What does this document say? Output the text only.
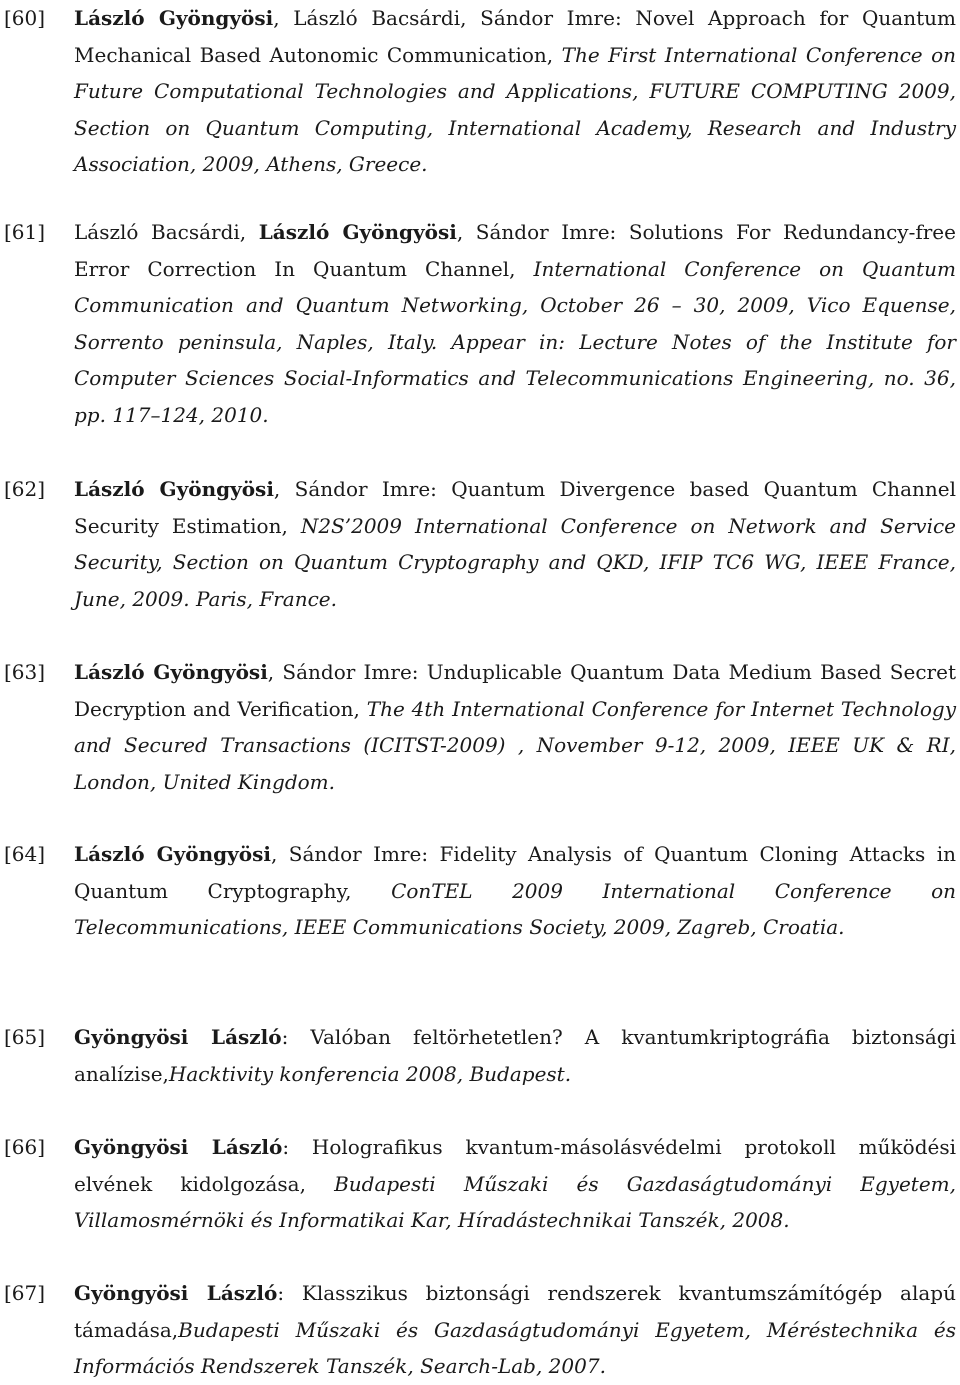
[60]	László Gyöngyösi, László Bacsárdi, Sándor Imre: Novel Approach for Quantum Mechanical Based Autonomic Communication, The First International Conference on Future Computational Technologies and Applications, FUTURE COMPUTING 2009, Section on Quantum Computing, International Academy, Research and Industry Association, 2009, Athens, Greece.
[61]	László Bacsárdi, László Gyöngyösi, Sándor Imre: Solutions For Redundancy-free Error Correction In Quantum Channel, International Conference on Quantum Communication and Quantum Networking, October 26 – 30, 2009, Vico Equense, Sorrento peninsula, Naples, Italy. Appear in: Lecture Notes of the Institute for Computer Sciences Social-Informatics and Telecommunications Engineering, no. 36, pp. 117–124, 2010.
[62]	László Gyöngyösi, Sándor Imre: Quantum Divergence based Quantum Channel Security Estimation, N2S’2009 International Conference on Network and Service Security, Section on Quantum Cryptography and QKD, IFIP TC6 WG, IEEE France, June, 2009. Paris, France.
[63]	László Gyöngyösi, Sándor Imre: Unduplicable Quantum Data Medium Based Secret Decryption and Verification, The 4th International Conference for Internet Technology and Secured Transactions (ICITST-2009) , November 9-12, 2009, IEEE UK & RI, London, United Kingdom.
[64]	László Gyöngyösi, Sándor Imre: Fidelity Analysis of Quantum Cloning Attacks in Quantum Cryptography, ConTEL 2009 International Conference on Telecommunications, IEEE Communications Society, 2009, Zagreb, Croatia.
[65]	Gyöngyösi László: Valóban feltörhetetlen? A kvantumkriptográfia biztonsági analízise,Hacktivity konferencia 2008, Budapest.
[66]	Gyöngyösi László: Holografikus kvantum-másolásvédelmi protokoll működési elvének kidolgozása, Budapesti Műszaki és Gazdaságtudományi Egyetem, Villamosmérnöki és Informatikai Kar, Híradástechnikai Tanszék, 2008.
[67]	Gyöngyösi László: Klasszikus biztonsági rendszerek kvantumszámítógép alapú támadása,Budapesti Műszaki és Gazdaságtudományi Egyetem, Méréstechnika és Információs Rendszerek Tanszék, Search-Lab, 2007.
